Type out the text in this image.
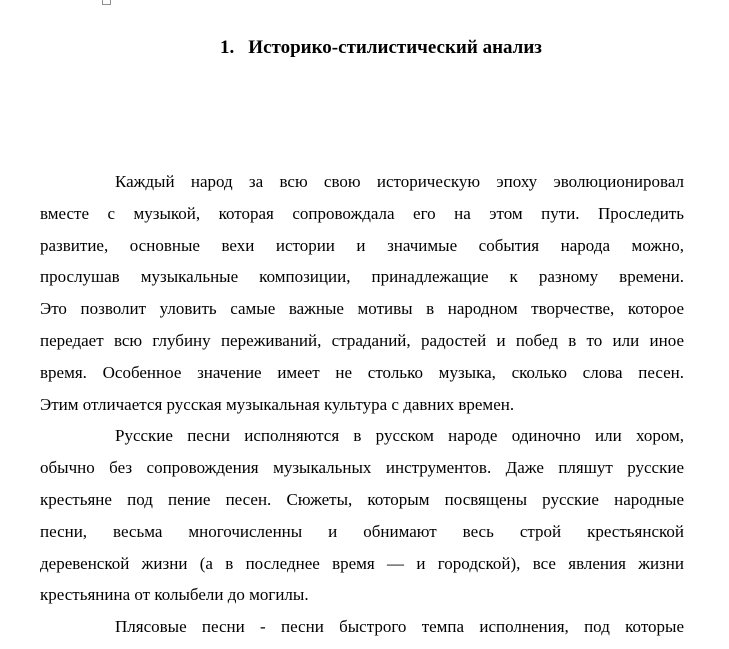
1. Историко-стилистический анализ
Каждый народ за всю свою историческую эпоху эволюционировал
вместе с музыкой, которая сопровождала его на этом пути. Проследить
развитие, основные вехи истории и значимые события народа можно,
прослушав музыкальные композиции, принадлежащие к разному времени.
Это позволит уловить самые важные мотивы в народном творчестве, которое
передает всю глубину переживаний, страданий, радостей и побед в то или иное
время. Особенное значение имеет не столько музыка, сколько слова песен.
Этим отличается русская музыкальная культура с давних времен.
Русские песни исполняются в русском народе одиночно или хором,
обычно без сопровождения музыкальных инструментов. Даже пляшут русские
крестьяне под пение песен. Сюжеты, которым посвящены русские народные
песни, весьма многочисленны и обнимают весь строй крестьянской
деревенской жизни (а в последнее время — и городской), все явления жизни
крестьянина от колыбели до могилы.
Плясовые песни - песни быстрого темпа исполнения, под которые
